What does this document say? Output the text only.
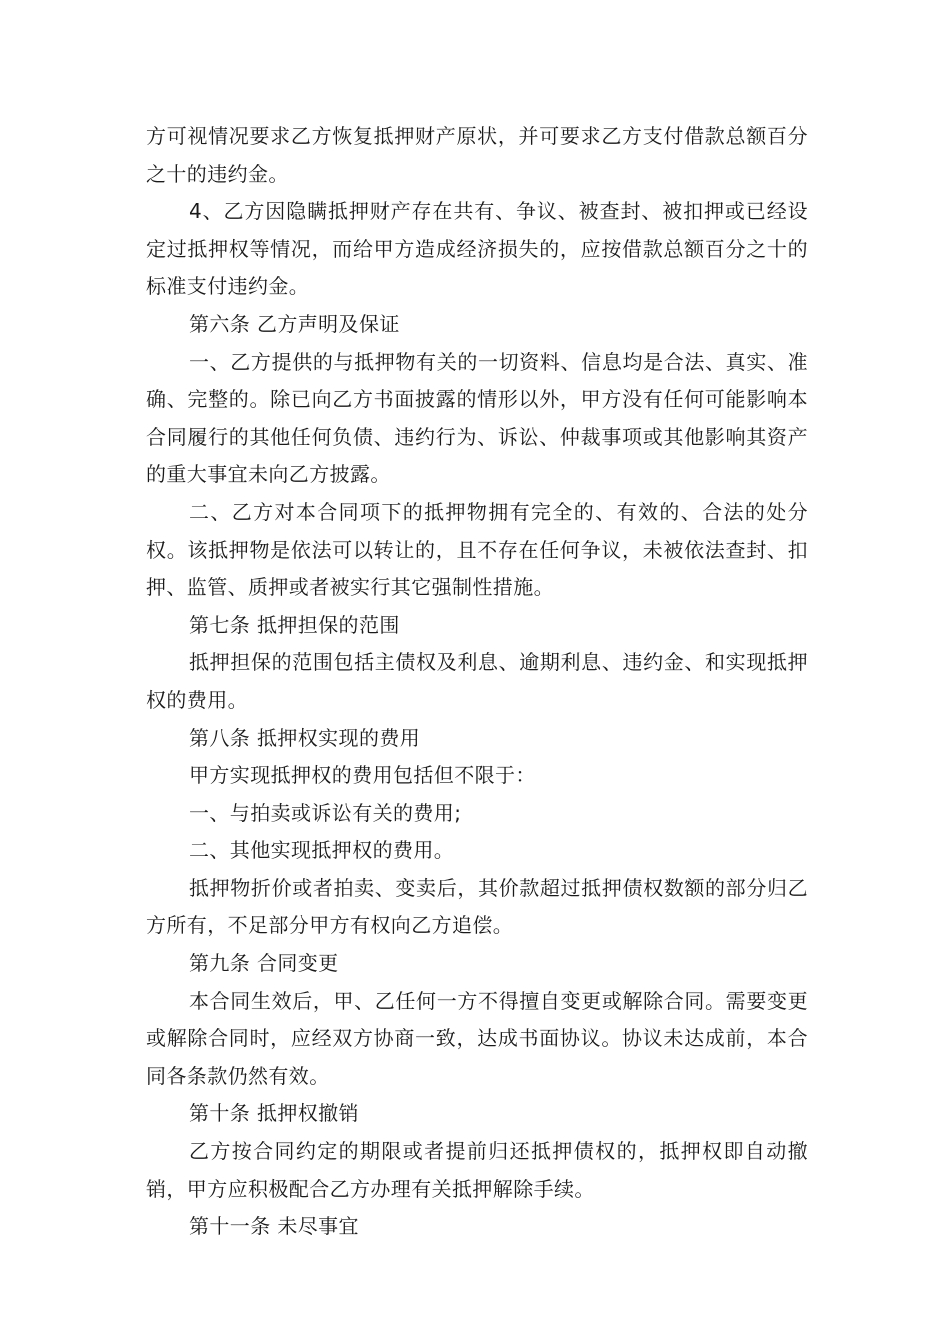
方可视情况要求乙方恢复抵押财产原状，并可要求乙方支付借款总额百分之十的违约金。

4、乙方因隐瞒抵押财产存在共有、争议、被查封、被扣押或已经设定过抵押权等情况，而给甲方造成经济损失的，应按借款总额百分之十的标准支付违约金。

第六条 乙方声明及保证

一、乙方提供的与抵押物有关的一切资料、信息均是合法、真实、准确、完整的。除已向乙方书面披露的情形以外，甲方没有任何可能影响本合同履行的其他任何负债、违约行为、诉讼、仲裁事项或其他影响其资产的重大事宜未向乙方披露。

二、乙方对本合同项下的抵押物拥有完全的、有效的、合法的处分权。该抵押物是依法可以转让的，且不存在任何争议，未被依法查封、扣押、监管、质押或者被实行其它强制性措施。

第七条 抵押担保的范围

抵押担保的范围包括主债权及利息、逾期利息、违约金、和实现抵押权的费用。

第八条 抵押权实现的费用

甲方实现抵押权的费用包括但不限于：

一、与拍卖或诉讼有关的费用;

二、其他实现抵押权的费用。

抵押物折价或者拍卖、变卖后，其价款超过抵押债权数额的部分归乙方所有，不足部分甲方有权向乙方追偿。

第九条 合同变更

本合同生效后，甲、乙任何一方不得擅自变更或解除合同。需要变更或解除合同时，应经双方协商一致，达成书面协议。协议未达成前，本合同各条款仍然有效。

第十条 抵押权撤销

乙方按合同约定的期限或者提前归还抵押债权的，抵押权即自动撤销，甲方应积极配合乙方办理有关抵押解除手续。

第十一条 未尽事宜
